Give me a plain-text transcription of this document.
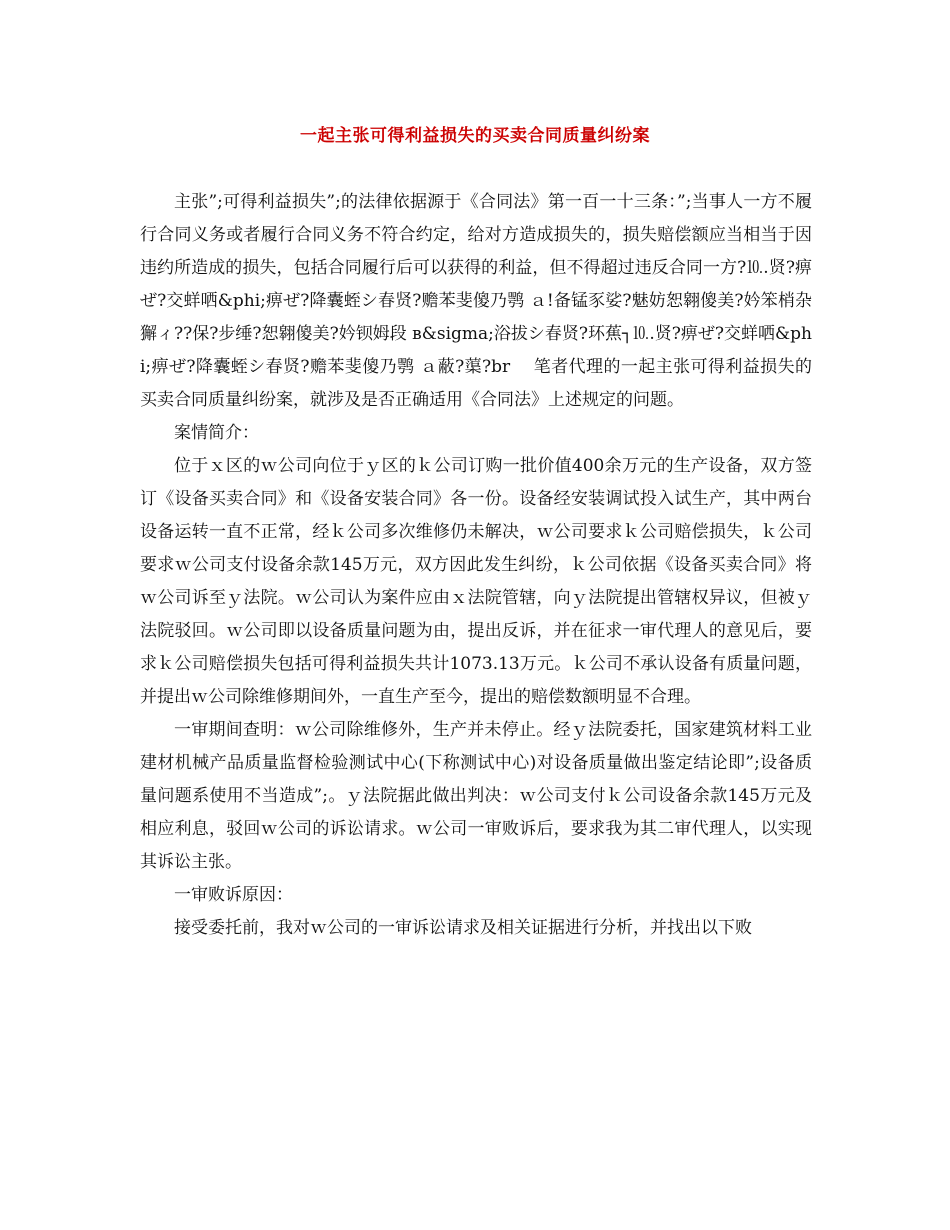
一起主张可得利益损失的买卖合同质量纠纷案

主张”;可得利益损失”;的法律依据源于《合同法》第一百一十三条：”;当事人一方不履行合同义务或者履行合同义务不符合约定，给对方造成损失的，损失赔偿额应当相当于因违约所造成的损失，包括合同履行后可以获得的利益，但不得超过违反合同一方?⒑.贤?痹ぜ?交蛘哂&phi;痹ぜ?降囊蛭シ春贤?赡苯斐傻乃鹗 ａ!备锰豕娑?魅妨恕翱傻美?妗笨梢杂獬ィ??保?步缍?恕翱傻美?妗钡姆段 в&sigma;浴拔シ春贤?环蕉┐⒑.贤?痹ぜ?交蛘哂&phi;痹ぜ?降囊蛭シ春贤?赡苯斐傻乃鹗 ａ蔽?蕖?br　 笔者代理的一起主张可得利益损失的买卖合同质量纠纷案，就涉及是否正确适用《合同法》上述规定的问题。

案情简介：

位于ｘ区的ｗ公司向位于ｙ区的ｋ公司订购一批价值400余万元的生产设备，双方签订《设备买卖合同》和《设备安装合同》各一份。设备经安装调试投入试生产，其中两台设备运转一直不正常，经ｋ公司多次维修仍未解决，ｗ公司要求ｋ公司赔偿损失，ｋ公司要求ｗ公司支付设备余款145万元，双方因此发生纠纷，ｋ公司依据《设备买卖合同》将ｗ公司诉至ｙ法院。ｗ公司认为案件应由ｘ法院管辖，向ｙ法院提出管辖权异议，但被ｙ法院驳回。ｗ公司即以设备质量问题为由，提出反诉，并在征求一审代理人的意见后，要求ｋ公司赔偿损失包括可得利益损失共计1073.13万元。ｋ公司不承认设备有质量问题，并提出ｗ公司除维修期间外，一直生产至今，提出的赔偿数额明显不合理。

一审期间查明：ｗ公司除维修外，生产并未停止。经ｙ法院委托，国家建筑材料工业建材机械产品质量监督检验测试中心(下称测试中心)对设备质量做出鉴定结论即”;设备质量问题系使用不当造成”;。ｙ法院据此做出判决：ｗ公司支付ｋ公司设备余款145万元及相应利息，驳回ｗ公司的诉讼请求。ｗ公司一审败诉后，要求我为其二审代理人，以实现其诉讼主张。

一审败诉原因：

接受委托前，我对ｗ公司的一审诉讼请求及相关证据进行分析，并找出以下败
